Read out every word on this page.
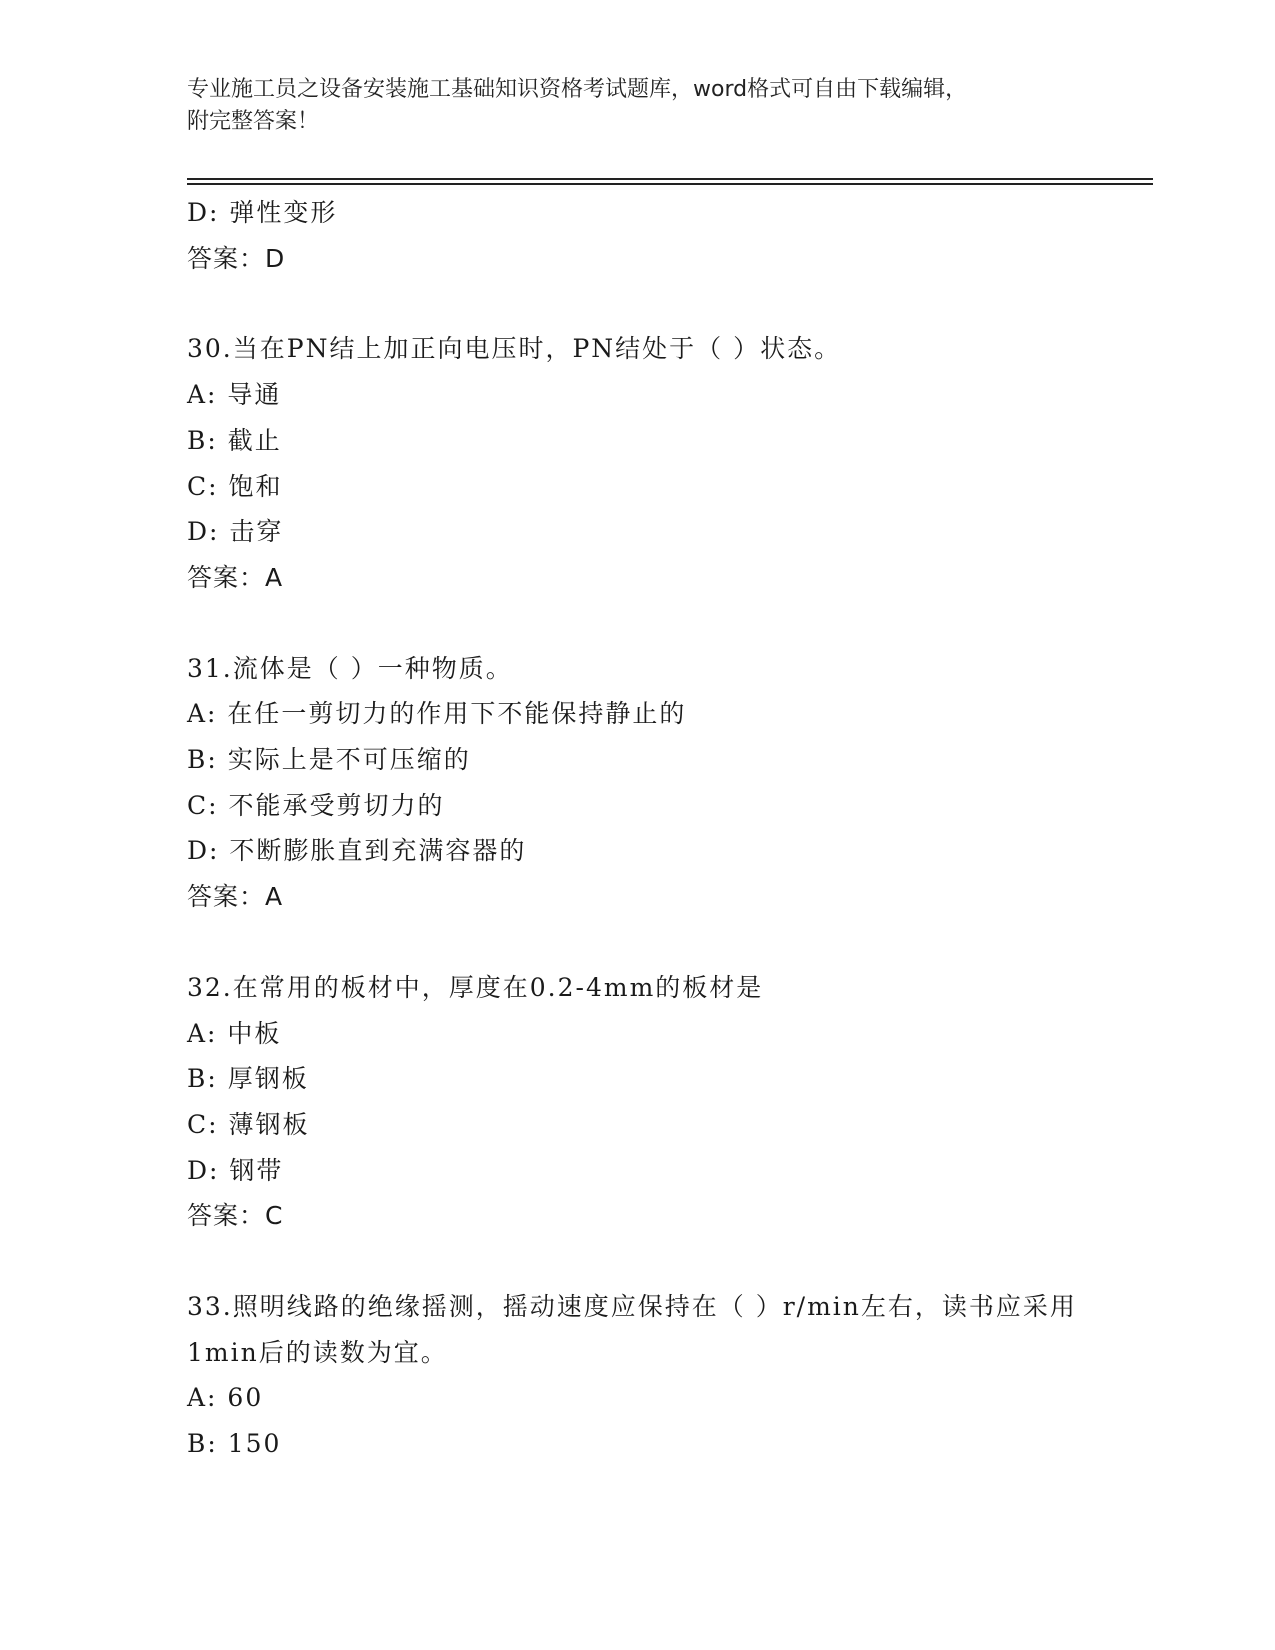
专业施工员之设备安装施工基础知识资格考试题库，word格式可自由下载编辑，
附完整答案！
D: 弹性变形
答案：D
30.当在PN结上加正向电压时，PN结处于（ ）状态。
A: 导通
B: 截止
C: 饱和
D: 击穿
答案：A
31.流体是（ ）一种物质。
A: 在任一剪切力的作用下不能保持静止的
B: 实际上是不可压缩的
C: 不能承受剪切力的
D: 不断膨胀直到充满容器的
答案：A
32.在常用的板材中，厚度在0.2-4mm的板材是
A: 中板
B: 厚钢板
C: 薄钢板
D: 钢带
答案：C
33.照明线路的绝缘摇测，摇动速度应保持在（ ）r/min左右，读书应采用1min后的读数为宜。
A: 60
B: 150
